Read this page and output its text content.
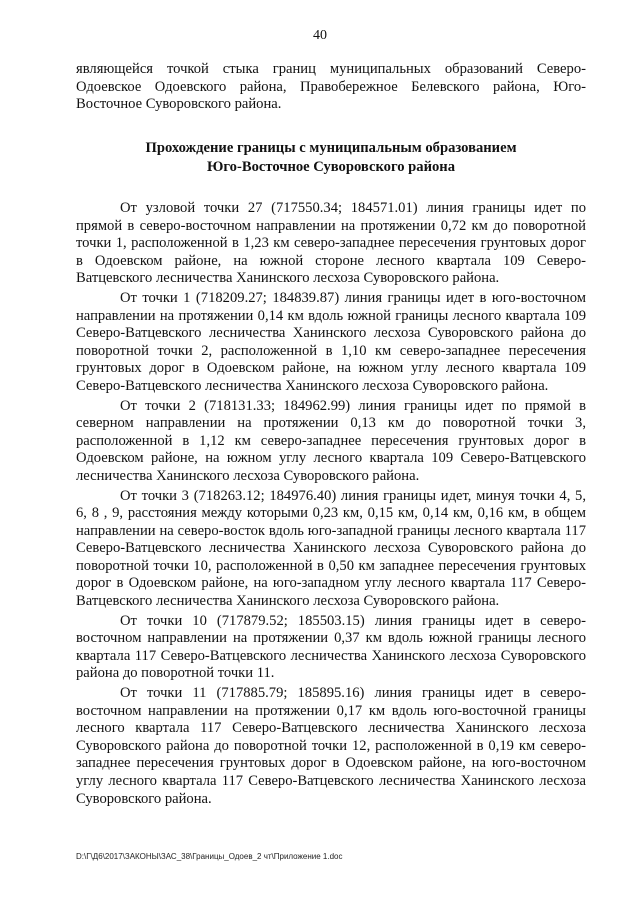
40

являющейся точкой стыка границ муниципальных образований Северо-Одоевское Одоевского района, Правобережное Белевского района, Юго-Восточное Суворовского района.

Прохождение границы с муниципальным образованием
Юго-Восточное Суворовского района

От узловой точки 27 (717550.34; 184571.01) линия границы идет по прямой в северо-восточном направлении на протяжении 0,72 км до поворотной точки 1, расположенной в 1,23 км северо-западнее пересечения грунтовых дорог в Одоевском районе, на южной стороне лесного квартала 109 Северо-Ватцевского лесничества Ханинского лесхоза Суворовского района.

От точки 1 (718209.27; 184839.87) линия границы идет в юго-восточном направлении на протяжении 0,14 км вдоль южной границы лесного квартала 109 Северо-Ватцевского лесничества Ханинского лесхоза Суворовского района до поворотной точки 2, расположенной в 1,10 км северо-западнее пересечения грунтовых дорог в Одоевском районе, на южном углу лесного квартала 109 Северо-Ватцевского лесничества Ханинского лесхоза Суворовского района.

От точки 2 (718131.33; 184962.99) линия границы идет по прямой в северном направлении на протяжении 0,13 км до поворотной точки 3, расположенной в 1,12 км северо-западнее пересечения грунтовых дорог в Одоевском районе, на южном углу лесного квартала 109 Северо-Ватцевского лесничества Ханинского лесхоза Суворовского района.

От точки 3 (718263.12; 184976.40) линия границы идет, минуя точки 4, 5, 6, 8 , 9, расстояния между которыми 0,23 км, 0,15 км, 0,14 км, 0,16 км, в общем направлении на северо-восток вдоль юго-западной границы лесного квартала 117 Северо-Ватцевского лесничества Ханинского лесхоза Суворовского района до поворотной точки 10, расположенной в 0,50 км западнее пересечения грунтовых дорог в Одоевском районе, на юго-западном углу лесного квартала 117 Северо-Ватцевского лесничества Ханинского лесхоза Суворовского района.

От точки 10 (717879.52; 185503.15) линия границы идет в северо-восточном направлении на протяжении 0,37 км вдоль южной границы лесного квартала 117 Северо-Ватцевского лесничества Ханинского лесхоза Суворовского района до поворотной точки 11.

От точки 11 (717885.79; 185895.16) линия границы идет в северо-восточном направлении на протяжении 0,17 км вдоль юго-восточной границы лесного квартала 117 Северо-Ватцевского лесничества Ханинского лесхоза Суворовского района до поворотной точки 12, расположенной в 0,19 км северо-западнее пересечения грунтовых дорог в Одоевском районе, на юго-восточном углу лесного квартала 117 Северо-Ватцевского лесничества Ханинского лесхоза Суворовского района.

D:\Г\Д6\2017\ЗАКОНЫ\ЗАС_38\Границы_Одоев_2 чт\Приложение 1.doc
